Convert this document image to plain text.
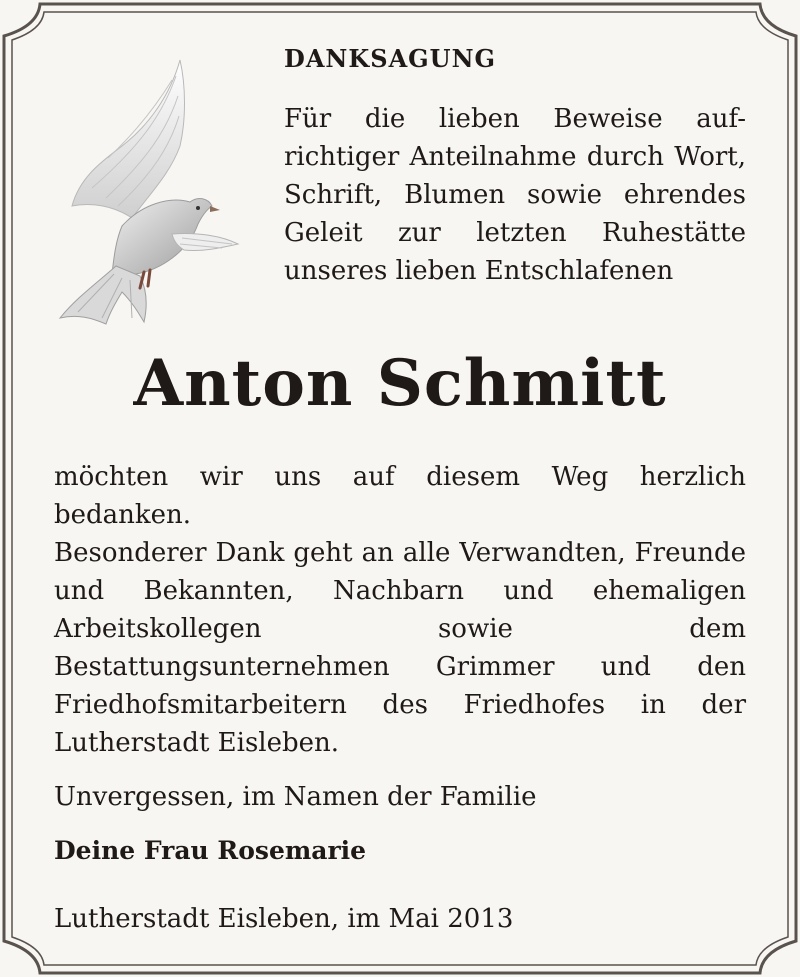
DANKSAGUNG

Für die lieben Beweise auf- richtiger Anteilnahme durch Wort, Schrift, Blumen sowie ehrendes Geleit zur letzten Ruhestätte unseres lieben Entschlafenen

Anton Schmitt

möchten wir uns auf diesem Weg herzlich bedanken.

Besonderer Dank geht an alle Verwandten, Freunde und Bekannten, Nachbarn und ehemaligen Arbeitskollegen sowie dem Bestattungsunternehmen Grimmer und den Friedhofsmitarbeitern des Friedhofes in der Lutherstadt Eisleben.

Unvergessen, im Namen der Familie

Deine Frau Rosemarie

Lutherstadt Eisleben, im Mai 2013
